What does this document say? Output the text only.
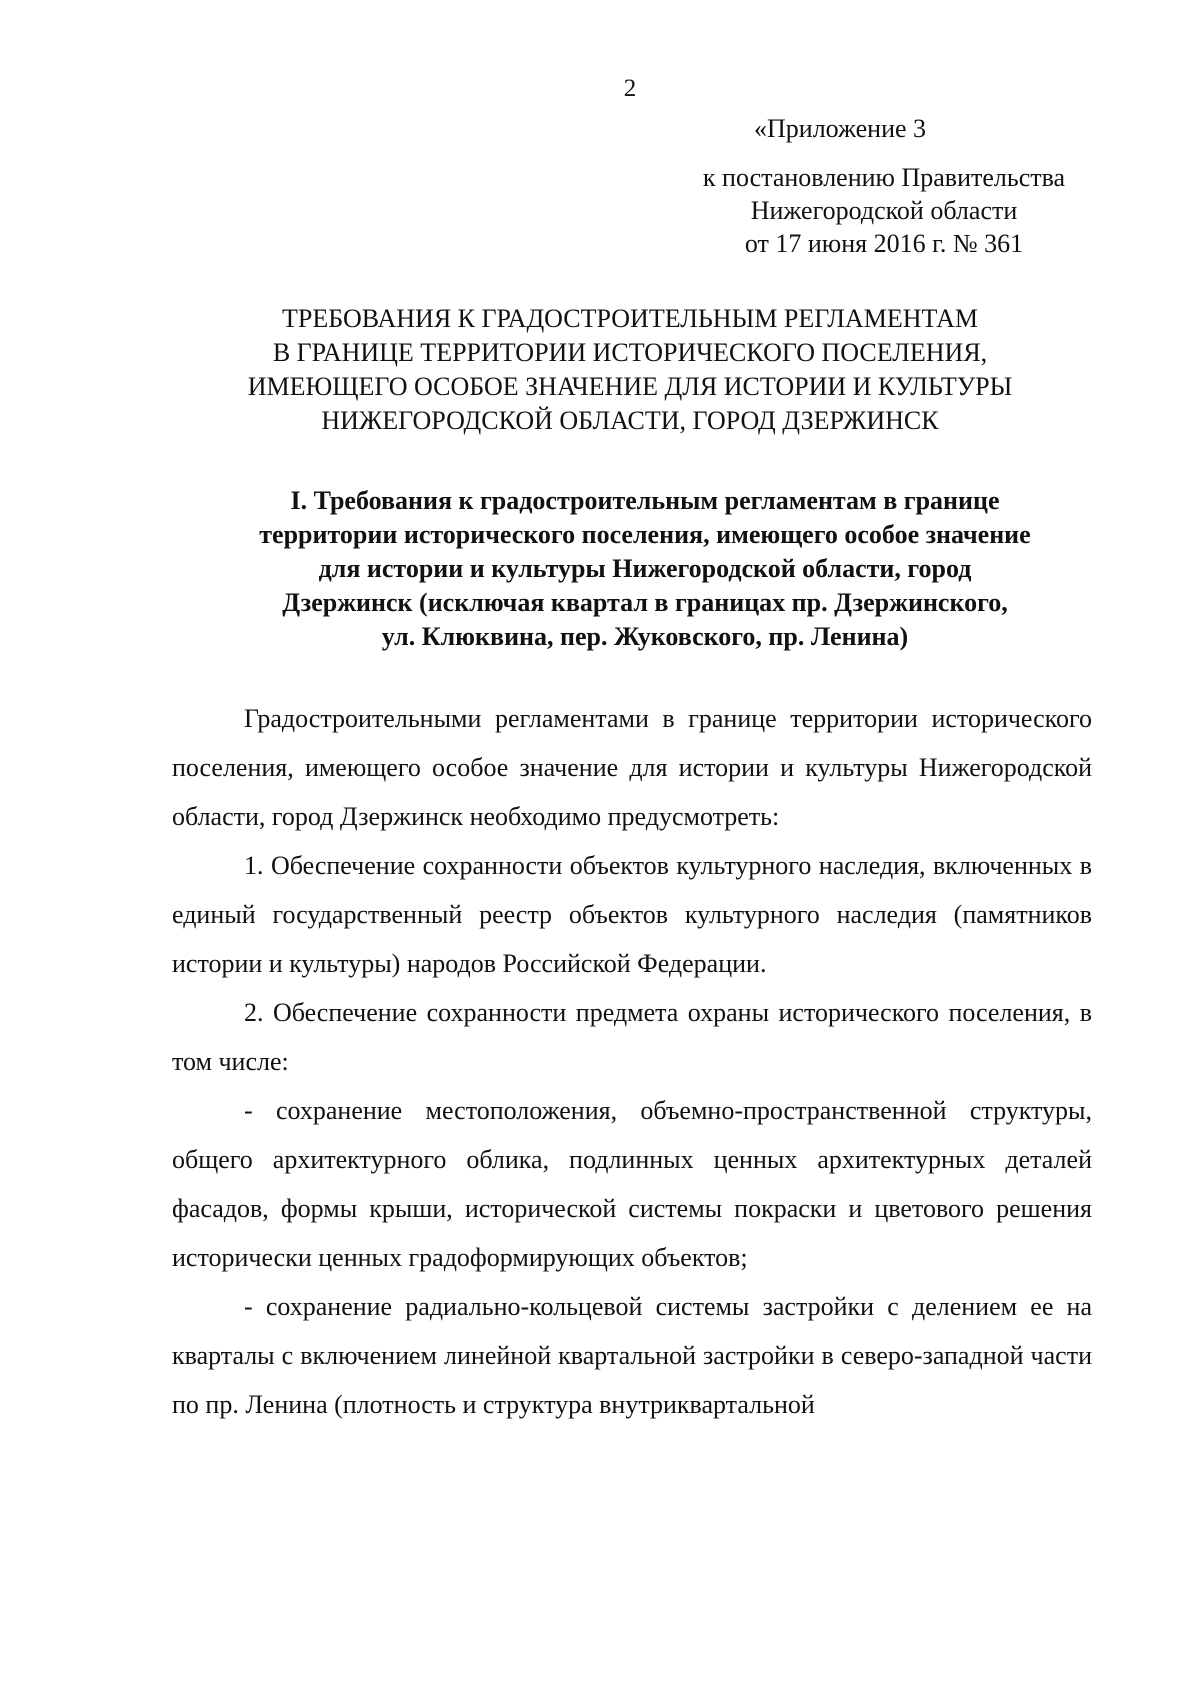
2
«Приложение 3
к постановлению Правительства
Нижегородской области
от 17 июня 2016 г. № 361
ТРЕБОВАНИЯ К ГРАДОСТРОИТЕЛЬНЫМ РЕГЛАМЕНТАМ
В ГРАНИЦЕ ТЕРРИТОРИИ ИСТОРИЧЕСКОГО ПОСЕЛЕНИЯ,
ИМЕЮЩЕГО ОСОБОЕ ЗНАЧЕНИЕ ДЛЯ ИСТОРИИ И КУЛЬТУРЫ
НИЖЕГОРОДСКОЙ ОБЛАСТИ, ГОРОД ДЗЕРЖИНСК
I. Требования к градостроительным регламентам в границе
территории исторического поселения, имеющего особое значение
для истории и культуры Нижегородской области, город
Дзержинск (исключая квартал в границах пр. Дзержинского,
ул. Клюквина, пер. Жуковского, пр. Ленина)

Градостроительными регламентами в границе территории исторического поселения, имеющего особое значение для истории и культуры Нижегородской области, город Дзержинск необходимо предусмотреть:

1. Обеспечение сохранности объектов культурного наследия, включенных в единый государственный реестр объектов культурного наследия (памятников истории и культуры) народов Российской Федерации.

2. Обеспечение сохранности предмета охраны исторического поселения, в том числе:

- сохранение местоположения, объемно-пространственной структуры, общего архитектурного облика, подлинных ценных архитектурных деталей фасадов, формы крыши, исторической системы покраски и цветового решения исторически ценных градоформирующих объектов;

- сохранение радиально-кольцевой системы застройки с делением ее на кварталы с включением линейной квартальной застройки в северо-западной части по пр. Ленина (плотность и структура внутриквартальной
